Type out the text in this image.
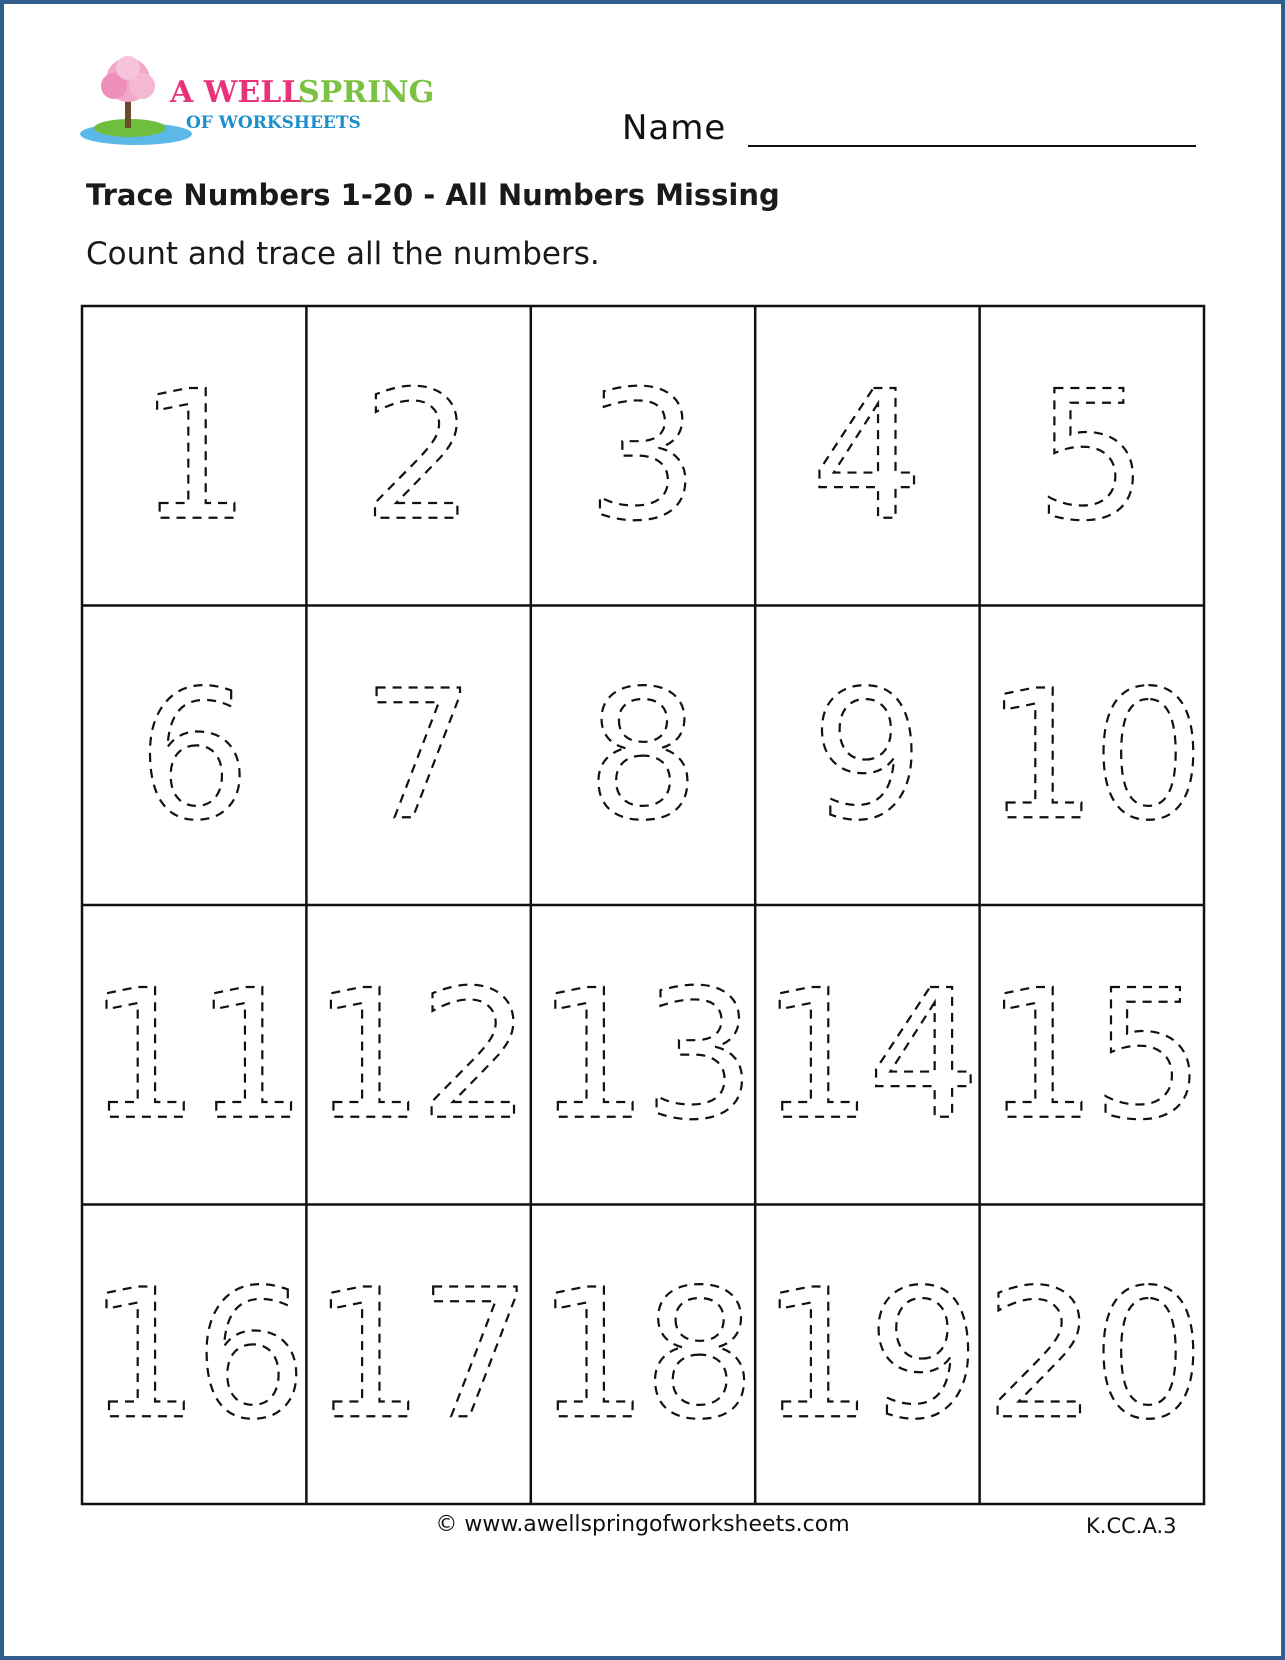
A WELL
SPRING
OF WORKSHEETS	Name
Trace Numbers 1-20 - All Numbers Missing
Count and trace all the numbers.
1 2 3 4 5
6 7 8 9 10
11 12 13 14 15
16 17 18 19 20
© www.awellspringofworksheets.com	K.CC.A.3
